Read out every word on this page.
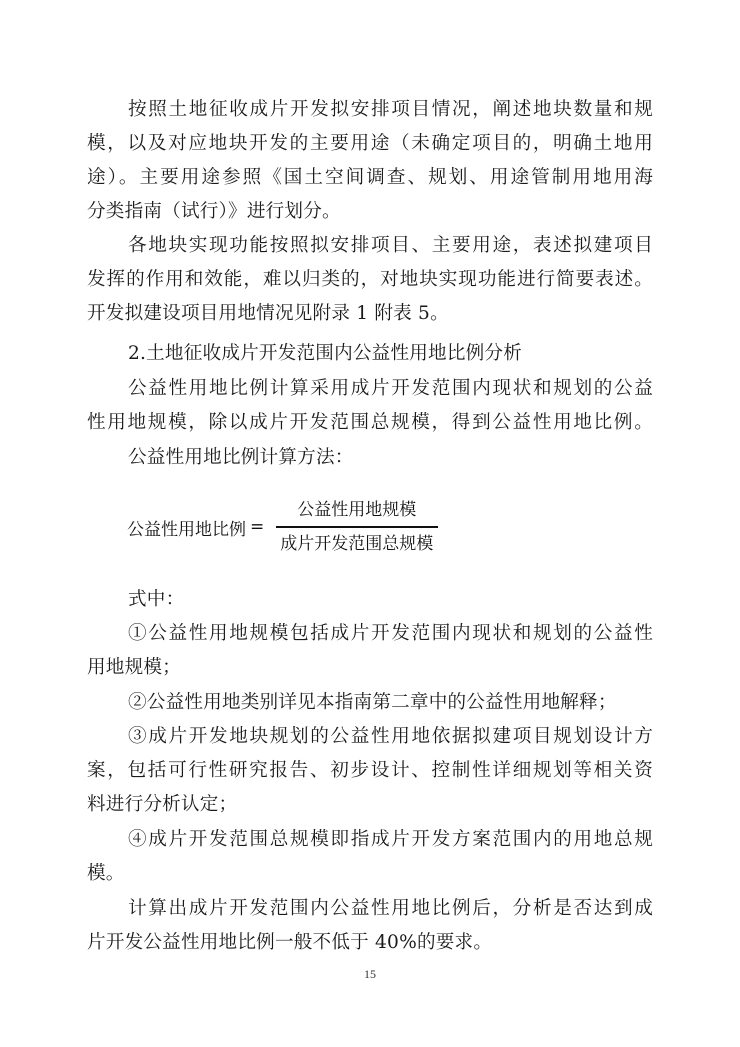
按照土地征收成片开发拟安排项目情况，阐述地块数量和规
模，以及对应地块开发的主要用途（未确定项目的，明确土地用
途）。主要用途参照《国土空间调查、规划、用途管制用地用海
分类指南（试行）》进行划分。
各地块实现功能按照拟安排项目、主要用途，表述拟建项目
发挥的作用和效能，难以归类的，对地块实现功能进行简要表述。
开发拟建设项目用地情况见附录 1 附表 5。
2.土地征收成片开发范围内公益性用地比例分析
公益性用地比例计算采用成片开发范围内现状和规划的公益
性用地规模，除以成片开发范围总规模，得到公益性用地比例。
公益性用地比例计算方法：
公益性用地比例 = $\frac{\text{公益性用地规模}}{\text{成片开发范围总规模}}$
式中：
①公益性用地规模包括成片开发范围内现状和规划的公益性
用地规模；
②公益性用地类别详见本指南第二章中的公益性用地解释；
③成片开发地块规划的公益性用地依据拟建项目规划设计方
案，包括可行性研究报告、初步设计、控制性详细规划等相关资
料进行分析认定；
④成片开发范围总规模即指成片开发方案范围内的用地总规
模。
计算出成片开发范围内公益性用地比例后，分析是否达到成
片开发公益性用地比例一般不低于 40%的要求。
15
